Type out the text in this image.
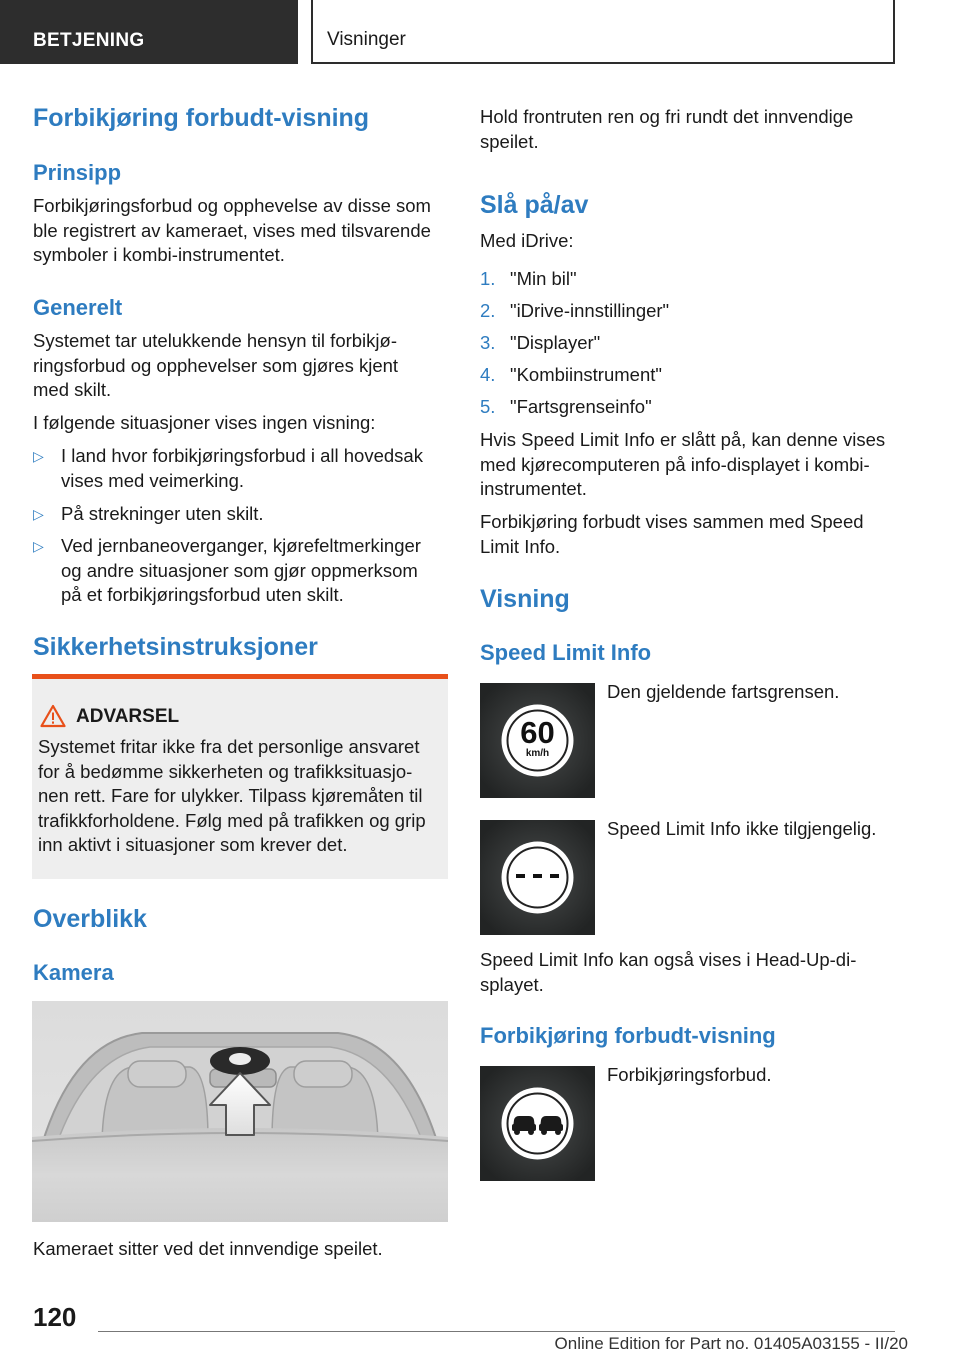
BETJENING	Visninger
Forbikjøring forbudt-visning
Prinsipp
Forbikjøringsforbud og opphevelse av disse som
ble registrert av kameraet, vises med tilsvarende
symboler i kombi-instrumentet.
Generelt
Systemet tar utelukkende hensyn til forbikjø-
ringsforbud og opphevelser som gjøres kjent
med skilt.
I følgende situasjoner vises ingen visning:
▷ I land hvor forbikjøringsforbud i all hovedsak
vises med veimerking.
▷ På strekninger uten skilt.
▷ Ved jernbaneoverganger, kjørefeltmerkinger
og andre situasjoner som gjør oppmerksom
på et forbikjøringsforbud uten skilt.
Sikkerhetsinstruksjoner
ADVARSEL
Systemet fritar ikke fra det personlige ansvaret
for å bedømme sikkerheten og trafikksituasjo-
nen rett. Fare for ulykker. Tilpass kjøremåten til
trafikkforholdene. Følg med på trafikken og grip
inn aktivt i situasjoner som krever det.
Overblikk
Kamera
Kameraet sitter ved det innvendige speilet.
Hold frontruten ren og fri rundt det innvendige
speilet.
Slå på/av
Med iDrive:
1. "Min bil"
2. "iDrive-innstillinger"
3. "Displayer"
4. "Kombiinstrument"
5. "Fartsgrenseinfo"
Hvis Speed Limit Info er slått på, kan denne vises
med kjørecomputeren på info-displayet i kombi-
instrumentet.
Forbikjøring forbudt vises sammen med Speed
Limit Info.
Visning
Speed Limit Info
60
km/h
Den gjeldende fartsgrensen.
Speed Limit Info ikke tilgjengelig.
Speed Limit Info kan også vises i Head-Up-di-
splayet.
Forbikjøring forbudt-visning
Forbikjøringsforbud.
120
Online Edition for Part no. 01405A03155 - II/20
